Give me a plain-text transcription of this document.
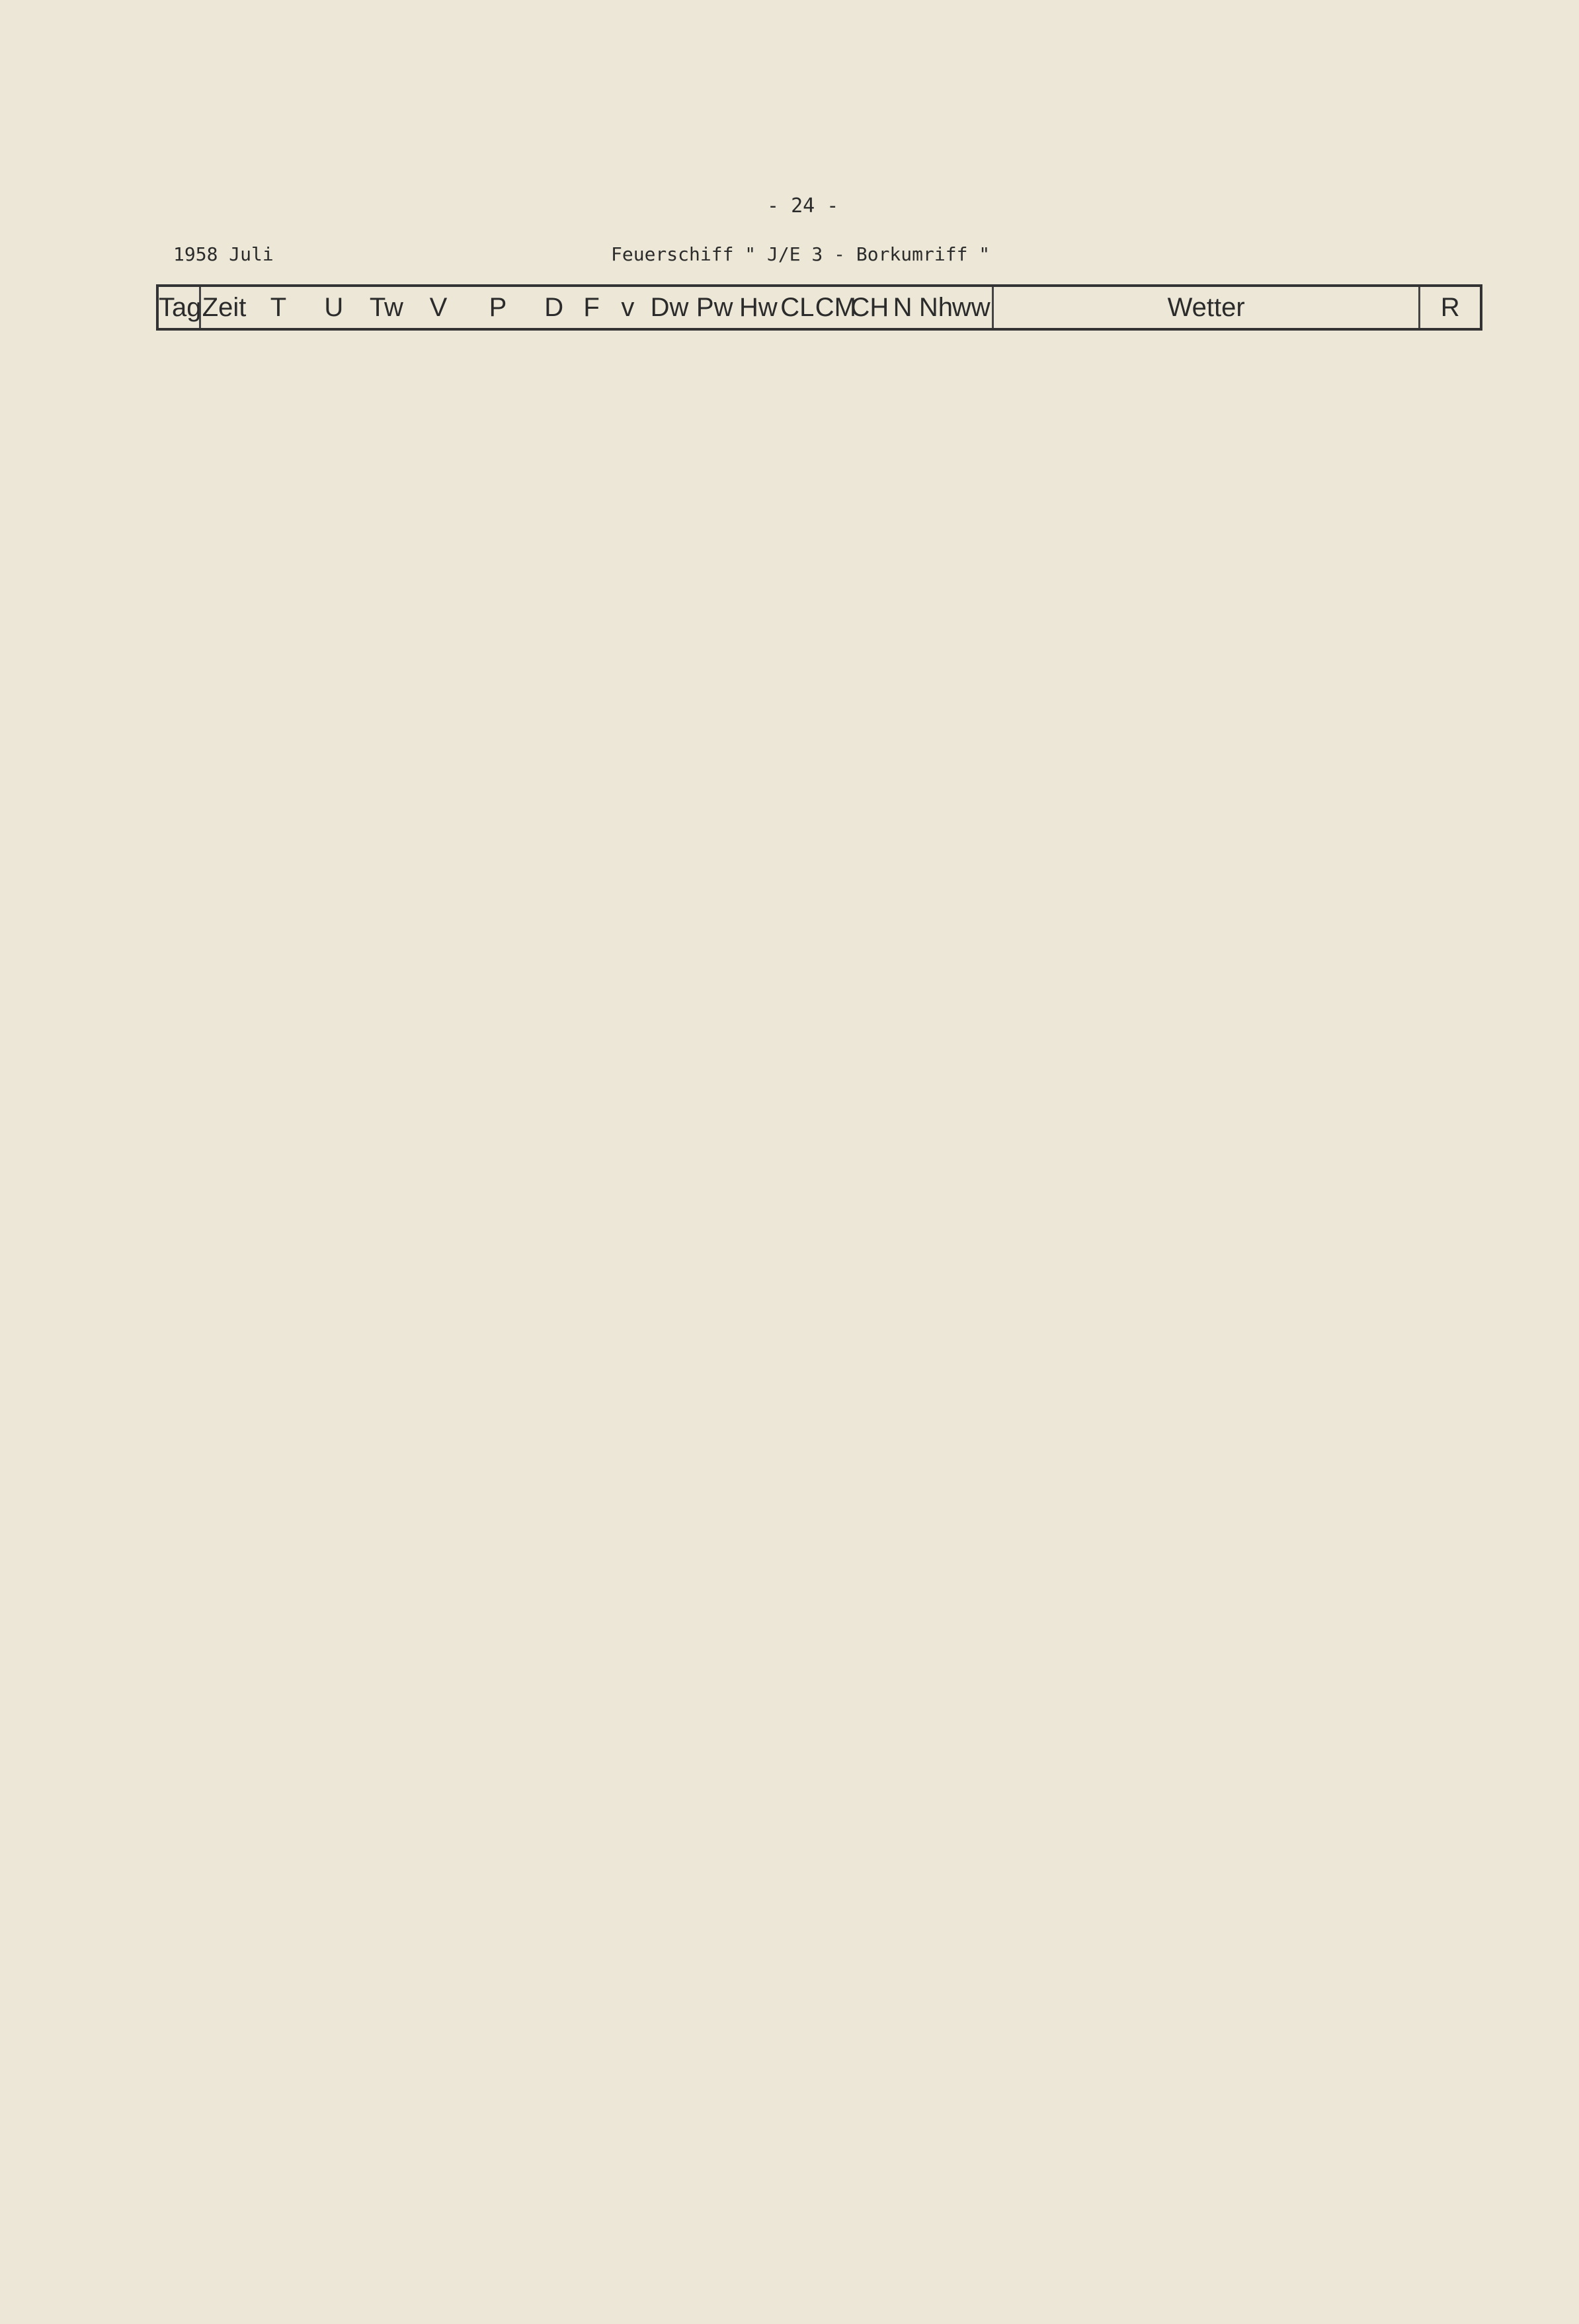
- 24 -
1958 Juli	Feuerschiff " J/E 3 - Borkumriff "
Tag	Zeit	T	U	Tw	V	P	D	F	v	Dw	Pw	Hw	CL	CM	CH	N	Nh	ww	Wetter	R
